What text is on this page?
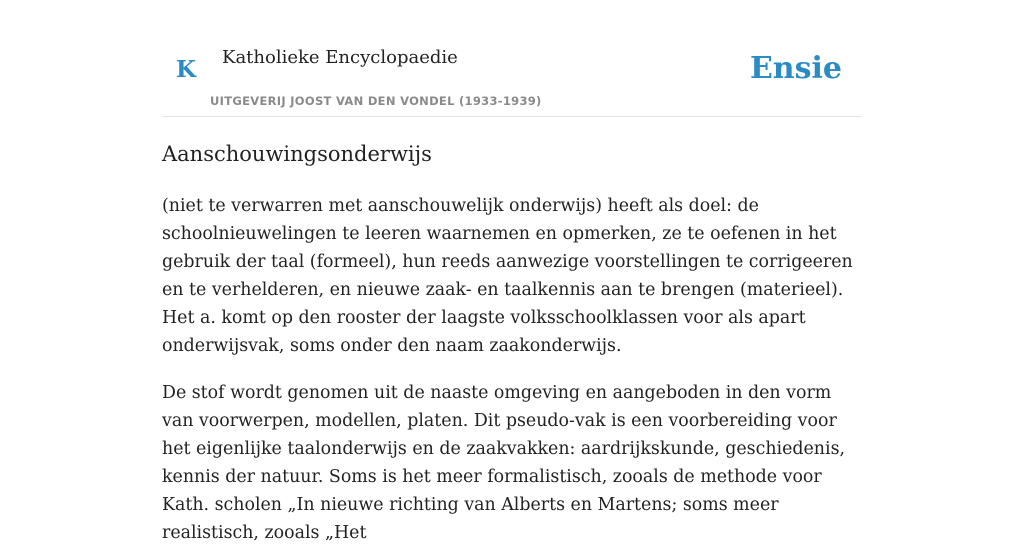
K Katholieke Encyclopaedie
UITGEVERIJ JOOST VAN DEN VONDEL (1933-1939)
Ensie
Aanschouwingsonderwijs

(niet te verwarren met aanschouwelijk onderwijs) heeft als doel: de schoolnieuwelingen te leeren waarnemen en opmerken, ze te oefenen in het gebruik der taal (formeel), hun reeds aanwezige voorstellingen te corrigeeren en te verhelderen, en nieuwe zaak- en taalkennis aan te brengen (materieel). Het a. komt op den rooster der laagste volksschoolklassen voor als apart onderwijsvak, soms onder den naam zaakonderwijs.

De stof wordt genomen uit de naaste omgeving en aangeboden in den vorm van voorwerpen, modellen, platen. Dit pseudo-vak is een voorbereiding voor het eigenlijke taalonderwijs en de zaakvakken: aardrijkskunde, geschiedenis, kennis der natuur. Soms is het meer formalistisch, zooals de methode voor Kath. scholen „In nieuwe richting van Alberts en Martens; soms meer realistisch, zooals „Het
